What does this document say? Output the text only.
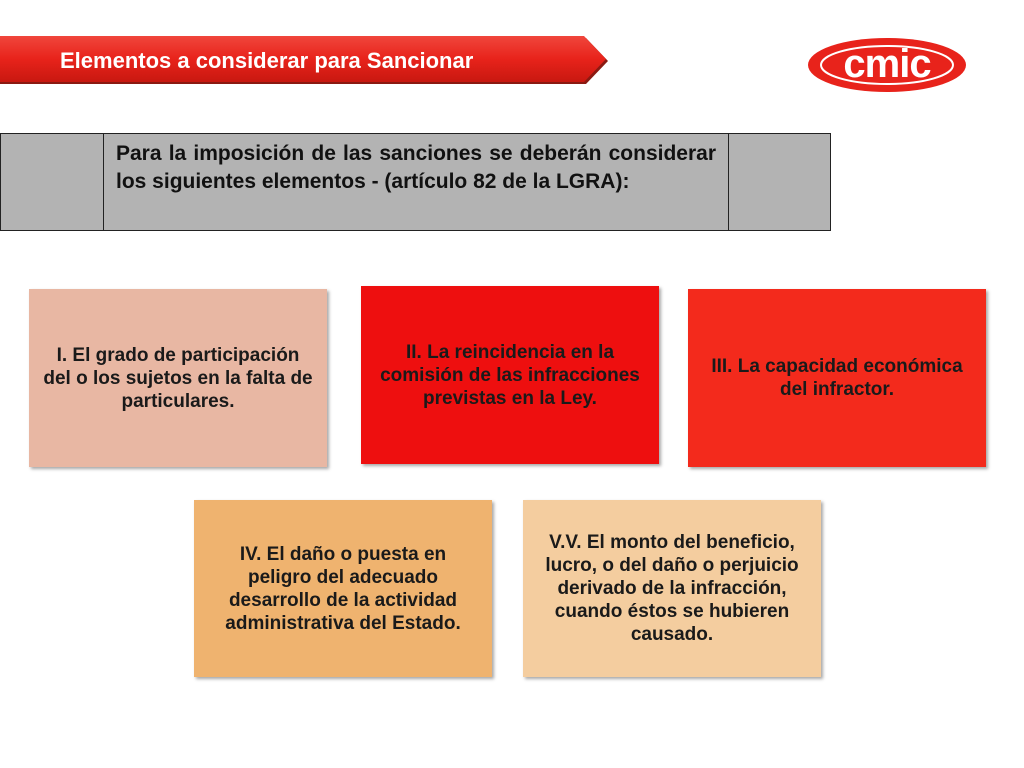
Elementos a considerar para Sancionar	cmic
Para la imposición de las sanciones se deberán considerar los siguientes elementos - (artículo 82 de la LGRA):
I. El grado de participación del o los sujetos en la falta de particulares.
II. La reincidencia en la comisión de las infracciones previstas en la Ley.
III. La capacidad económica del infractor.
IV. El daño o puesta en peligro del adecuado desarrollo de la actividad administrativa del Estado.
V.V. El monto del beneficio, lucro, o del daño o perjuicio derivado de la infracción, cuando éstos se hubieren causado.
